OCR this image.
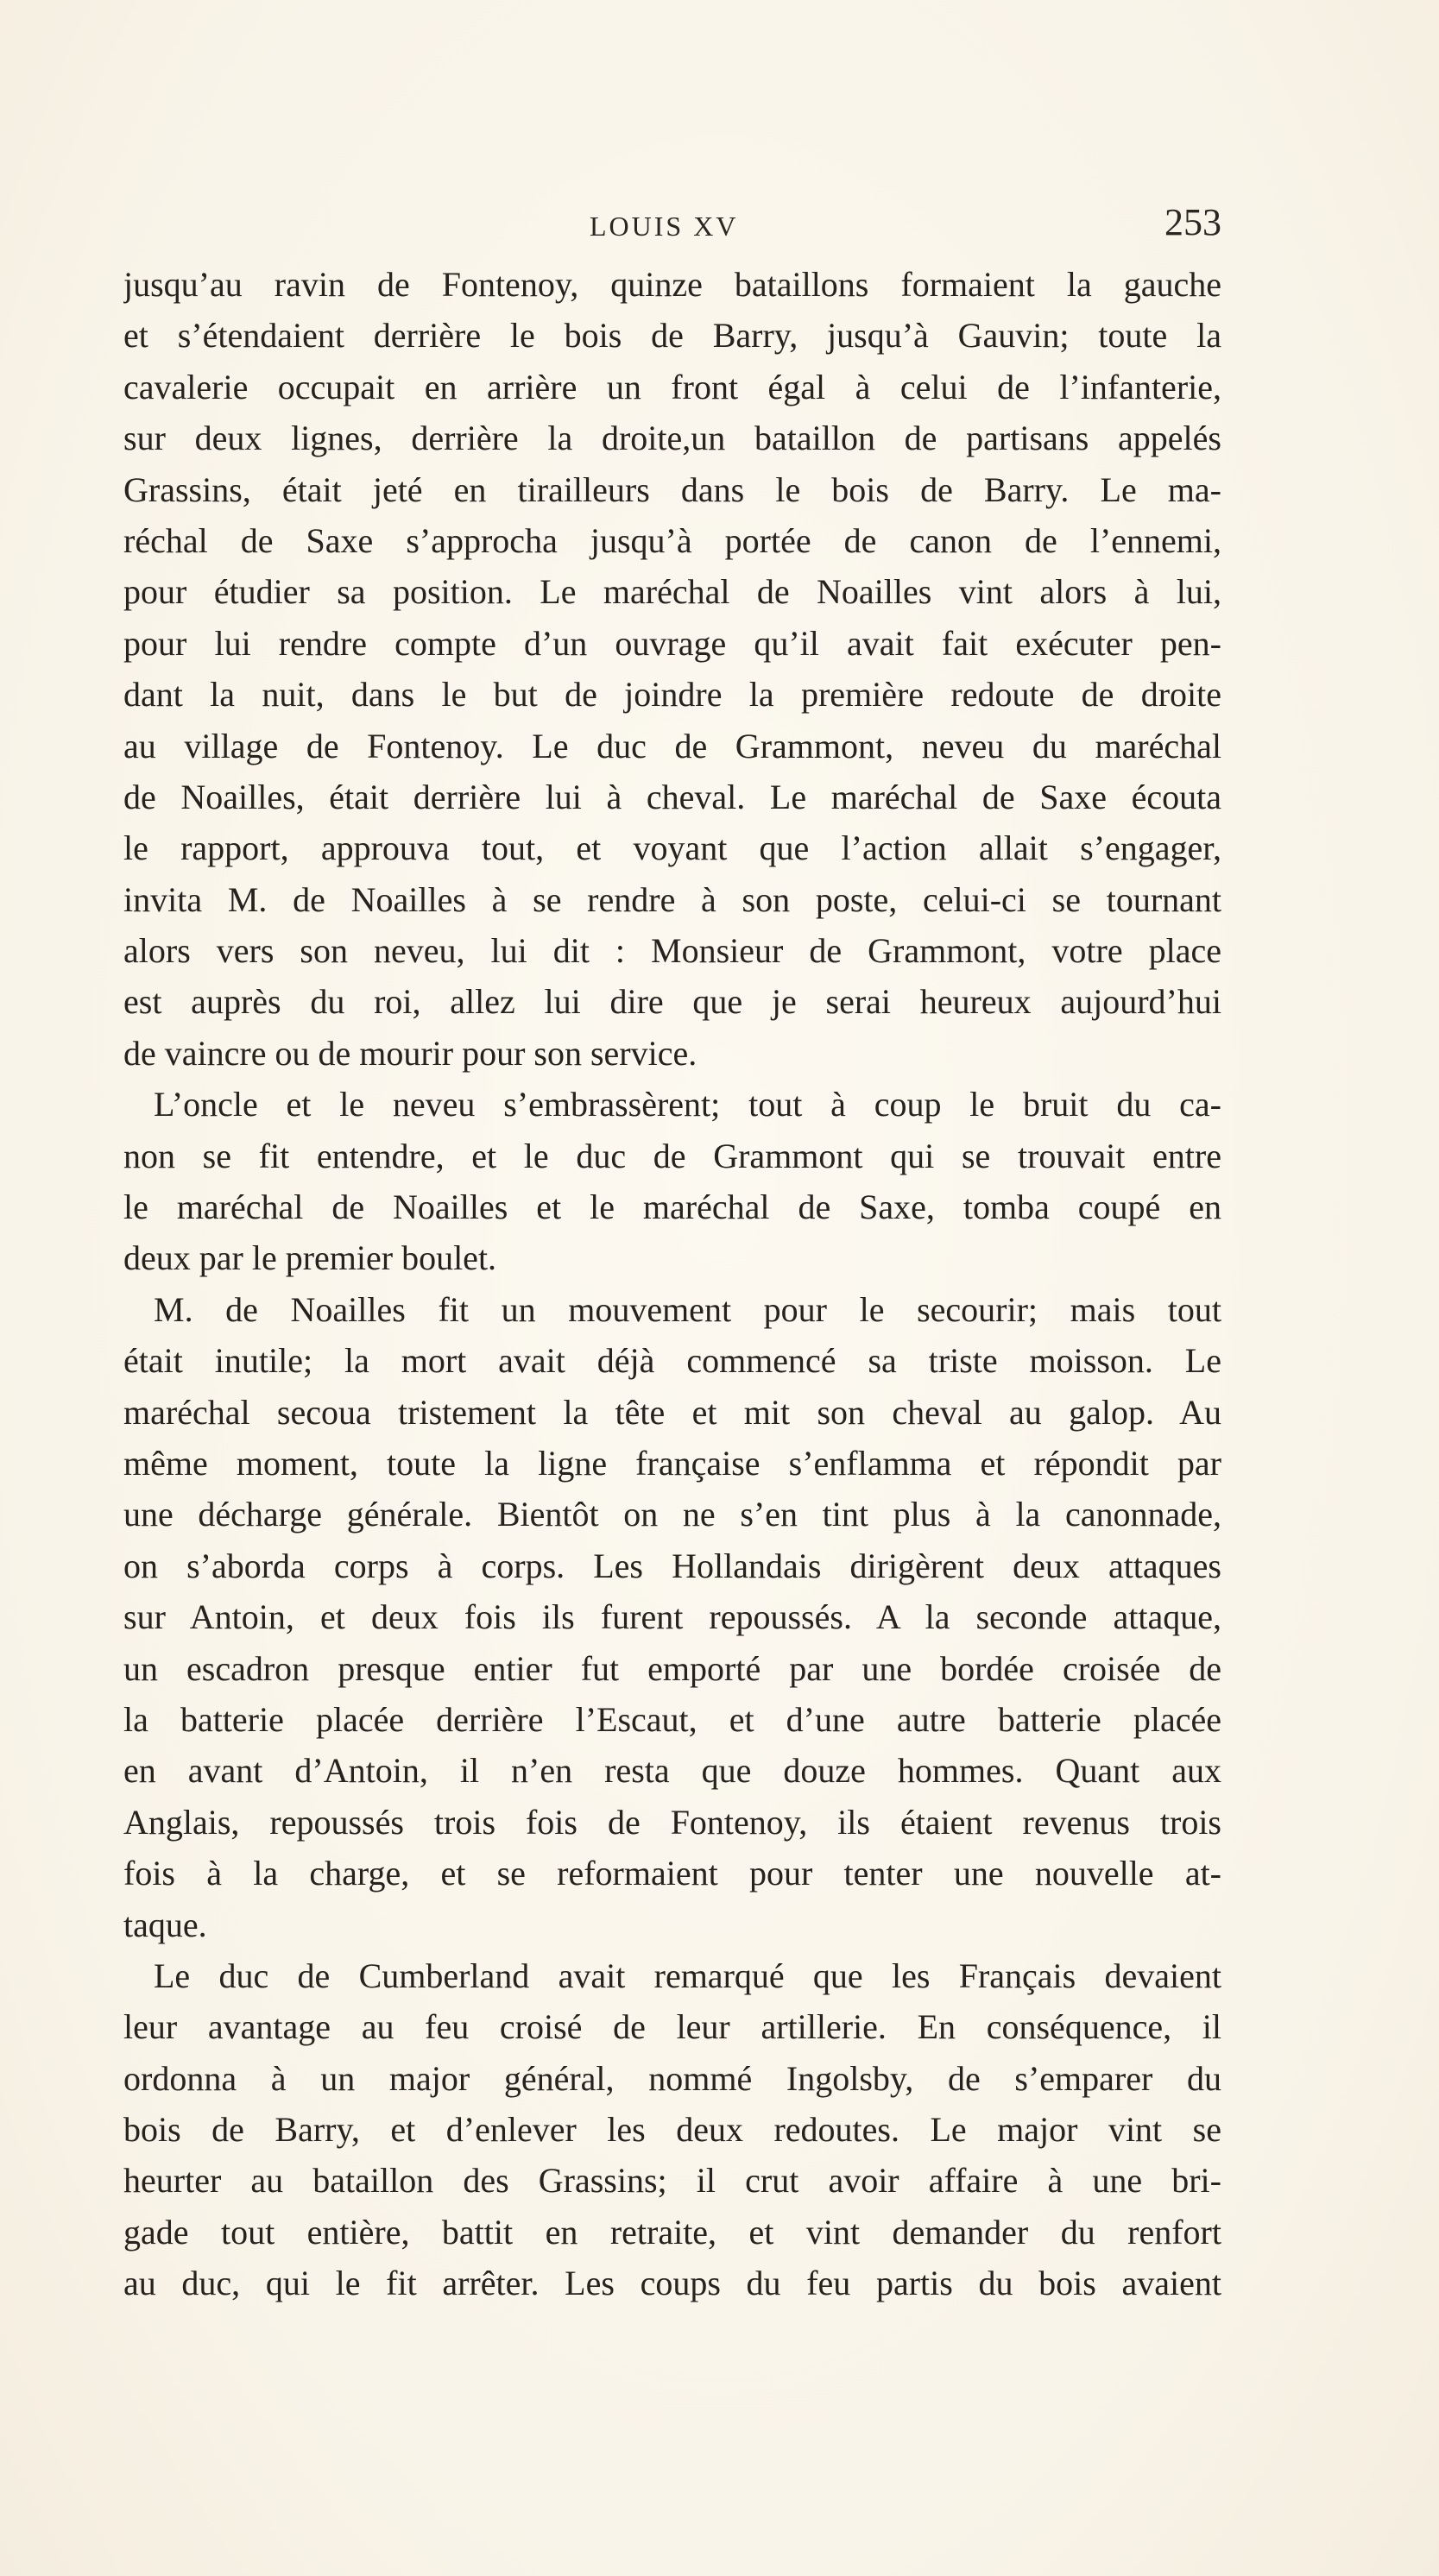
LOUIS XV	253
jusqu’au ravin de Fontenoy, quinze bataillons formaient la gauche
et s’étendaient derrière le bois de Barry, jusqu’à Gauvin; toute la
cavalerie occupait en arrière un front égal à celui de l’infanterie,
sur deux lignes, derrière la droite,un bataillon de partisans appelés
Grassins, était jeté en tirailleurs dans le bois de Barry. Le ma-
réchal de Saxe s’approcha jusqu’à portée de canon de l’ennemi,
pour étudier sa position. Le maréchal de Noailles vint alors à lui,
pour lui rendre compte d’un ouvrage qu’il avait fait exécuter pen-
dant la nuit, dans le but de joindre la première redoute de droite
au village de Fontenoy. Le duc de Grammont, neveu du maréchal
de Noailles, était derrière lui à cheval. Le maréchal de Saxe écouta
le rapport, approuva tout, et voyant que l’action allait s’engager,
invita M. de Noailles à se rendre à son poste, celui-ci se tournant
alors vers son neveu, lui dit : Monsieur de Grammont, votre place
est auprès du roi, allez lui dire que je serai heureux aujourd’hui
de vaincre ou de mourir pour son service.
L’oncle et le neveu s’embrassèrent; tout à coup le bruit du ca-
non se fit entendre, et le duc de Grammont qui se trouvait entre
le maréchal de Noailles et le maréchal de Saxe, tomba coupé en
deux par le premier boulet.
M. de Noailles fit un mouvement pour le secourir; mais tout
était inutile; la mort avait déjà commencé sa triste moisson. Le
maréchal secoua tristement la tête et mit son cheval au galop. Au
même moment, toute la ligne française s’enflamma et répondit par
une décharge générale. Bientôt on ne s’en tint plus à la canonnade,
on s’aborda corps à corps. Les Hollandais dirigèrent deux attaques
sur Antoin, et deux fois ils furent repoussés. A la seconde attaque,
un escadron presque entier fut emporté par une bordée croisée de
la batterie placée derrière l’Escaut, et d’une autre batterie placée
en avant d’Antoin, il n’en resta que douze hommes. Quant aux
Anglais, repoussés trois fois de Fontenoy, ils étaient revenus trois
fois à la charge, et se reformaient pour tenter une nouvelle at-
taque.
Le duc de Cumberland avait remarqué que les Français devaient
leur avantage au feu croisé de leur artillerie. En conséquence, il
ordonna à un major général, nommé Ingolsby, de s’emparer du
bois de Barry, et d’enlever les deux redoutes. Le major vint se
heurter au bataillon des Grassins; il crut avoir affaire à une bri-
gade tout entière, battit en retraite, et vint demander du renfort
au duc, qui le fit arrêter. Les coups du feu partis du bois avaient
